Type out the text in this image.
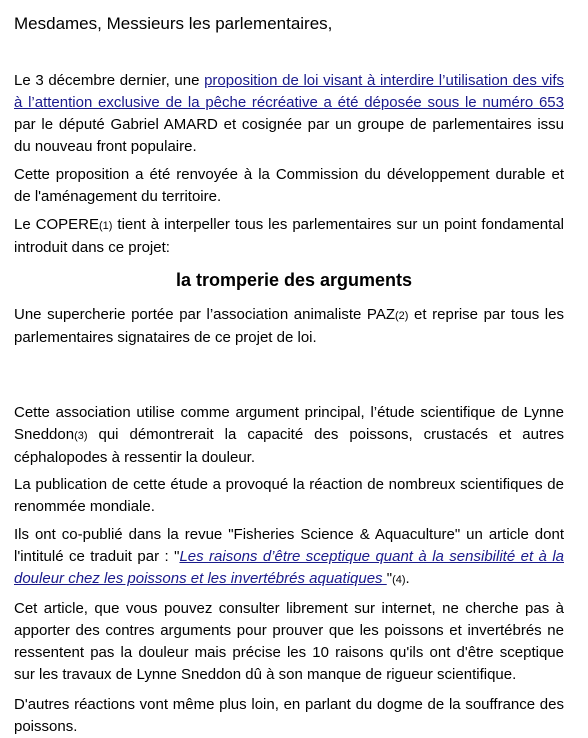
Mesdames, Messieurs les parlementaires,

Le 3 décembre dernier, une proposition de loi visant à interdire l’utilisation des vifs à l’attention exclusive de la pêche récréative a été déposée sous le numéro 653 par le député Gabriel AMARD et cosignée par un groupe de parlementaires issu du nouveau front populaire.

Cette proposition a été renvoyée à la Commission du développement durable et de l'aménagement du territoire.

Le COPERE(1) tient à interpeller tous les parlementaires sur un point fondamental introduit dans ce projet:

la tromperie des arguments

Une supercherie portée par l’association animaliste PAZ(2) et reprise par tous les parlementaires signataires de ce projet de loi.

Cette association utilise comme argument principal, l’étude scientifique de Lynne Sneddon(3) qui démontrerait la capacité des poissons, crustacés et autres céphalopodes à ressentir la douleur.

La publication de cette étude a provoqué la réaction de nombreux scientifiques de renommée mondiale.

Ils ont co-publié dans la revue "Fisheries Science & Aquaculture" un article dont l'intitulé ce traduit par : "Les raisons d’être sceptique quant à la sensibilité et à la douleur chez les poissons et les invertébrés aquatiques "(4).

Cet article, que vous pouvez consulter librement sur internet, ne cherche pas à apporter des contres arguments pour prouver que les poissons et invertébrés ne ressentent pas la douleur mais précise les 10 raisons qu'ils ont d'être sceptique sur les travaux de Lynne Sneddon dû à son manque de rigueur scientifique.

D'autres réactions vont même plus loin, en parlant du dogme de la souffrance des poissons.
